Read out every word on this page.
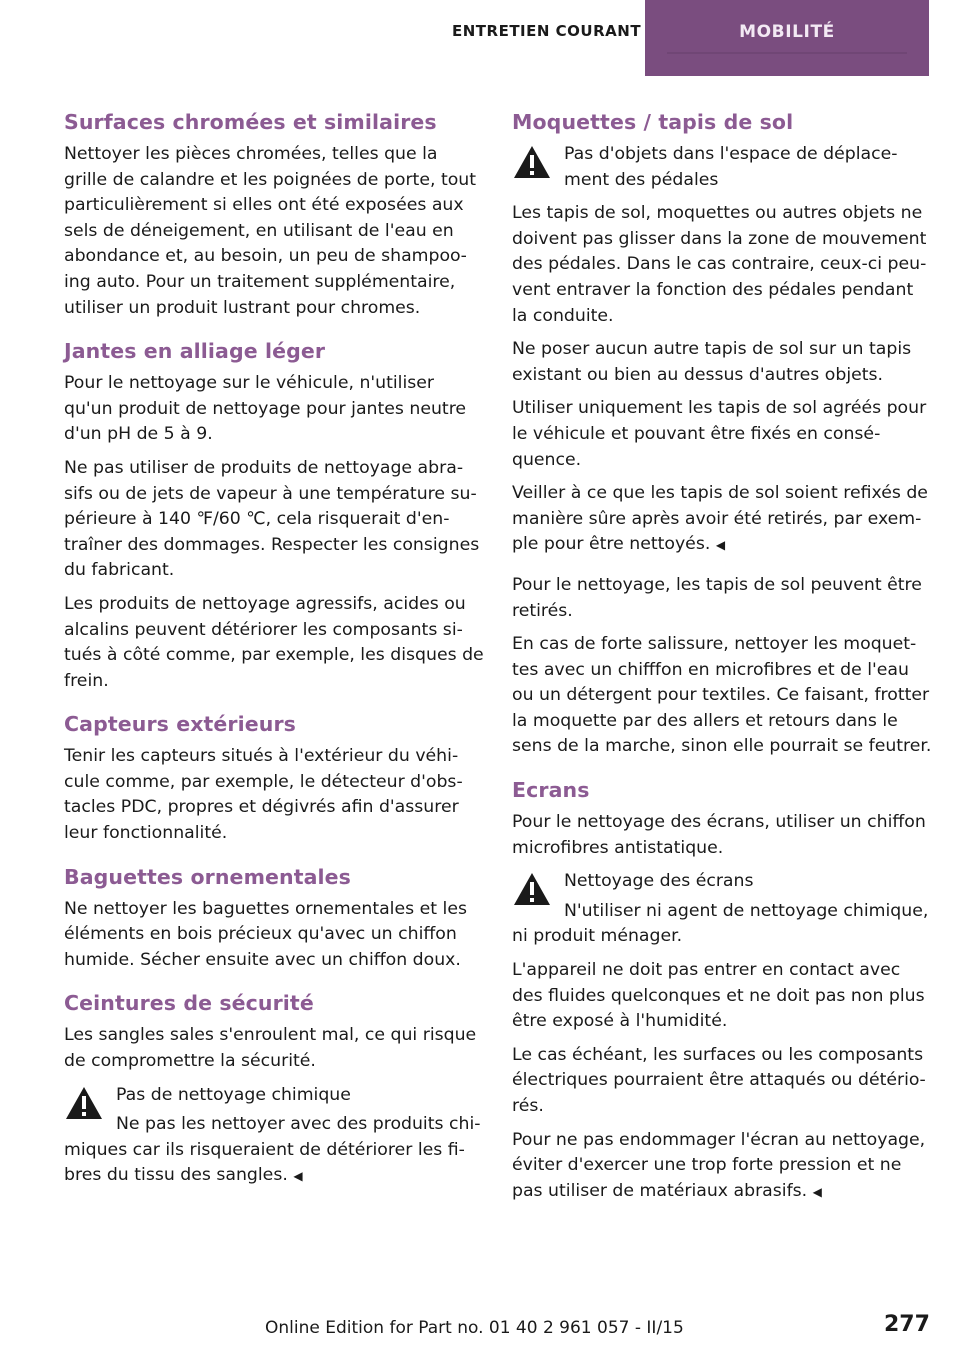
ENTRETIEN COURANT	MOBILITÉ
Surfaces chromées et similaires

Nettoyer les pièces chromées, telles que la grille de calandre et les poignées de porte, tout particulièrement si elles ont été exposées aux sels de déneigement, en utilisant de l'eau en abondance et, au besoin, un peu de shampooing auto. Pour un traitement supplémentaire, utiliser un produit lustrant pour chromes.

Jantes en alliage léger

Pour le nettoyage sur le véhicule, n'utiliser qu'un produit de nettoyage pour jantes neutre d'un pH de 5 à 9.

Ne pas utiliser de produits de nettoyage abrasifs ou de jets de vapeur à une température supérieure à 140 ℉/60 ℃, cela risquerait d'entraîner des dommages. Respecter les consignes du fabricant.

Les produits de nettoyage agressifs, acides ou alcalins peuvent détériorer les composants situés à côté comme, par exemple, les disques de frein.

Capteurs extérieurs

Tenir les capteurs situés à l'extérieur du véhicule comme, par exemple, le détecteur d'obstacles PDC, propres et dégivrés afin d'assurer leur fonctionnalité.

Baguettes ornementales

Ne nettoyer les baguettes ornementales et les éléments en bois précieux qu'avec un chiffon humide. Sécher ensuite avec un chiffon doux.

Ceintures de sécurité

Les sangles sales s'enroulent mal, ce qui risque de compromettre la sécurité.

Pas de nettoyage chimique

Ne pas les nettoyer avec des produits chimiques car ils risqueraient de détériorer les fibres du tissu des sangles. ◀

Moquettes / tapis de sol

Pas d'objets dans l'espace de déplacement des pédales

Les tapis de sol, moquettes ou autres objets ne doivent pas glisser dans la zone de mouvement des pédales. Dans le cas contraire, ceux-ci peuvent entraver la fonction des pédales pendant la conduite.

Ne poser aucun autre tapis de sol sur un tapis existant ou bien au dessus d'autres objets.

Utiliser uniquement les tapis de sol agréés pour le véhicule et pouvant être fixés en conséquence.

Veiller à ce que les tapis de sol soient refixés de manière sûre après avoir été retirés, par exemple pour être nettoyés. ◀

Pour le nettoyage, les tapis de sol peuvent être retirés.

En cas de forte salissure, nettoyer les moquettes avec un chifffon en microfibres et de l'eau ou un détergent pour textiles. Ce faisant, frotter la moquette par des allers et retours dans le sens de la marche, sinon elle pourrait se feutrer.

Ecrans

Pour le nettoyage des écrans, utiliser un chiffon microfibres antistatique.

Nettoyage des écrans

N'utiliser ni agent de nettoyage chimique, ni produit ménager.

L'appareil ne doit pas entrer en contact avec des fluides quelconques et ne doit pas non plus être exposé à l'humidité.

Le cas échéant, les surfaces ou les composants électriques pourraient être attaqués ou détériorés.

Pour ne pas endommager l'écran au nettoyage, éviter d'exercer une trop forte pression et ne pas utiliser de matériaux abrasifs. ◀

Online Edition for Part no. 01 40 2 961 057 - II/15	277
